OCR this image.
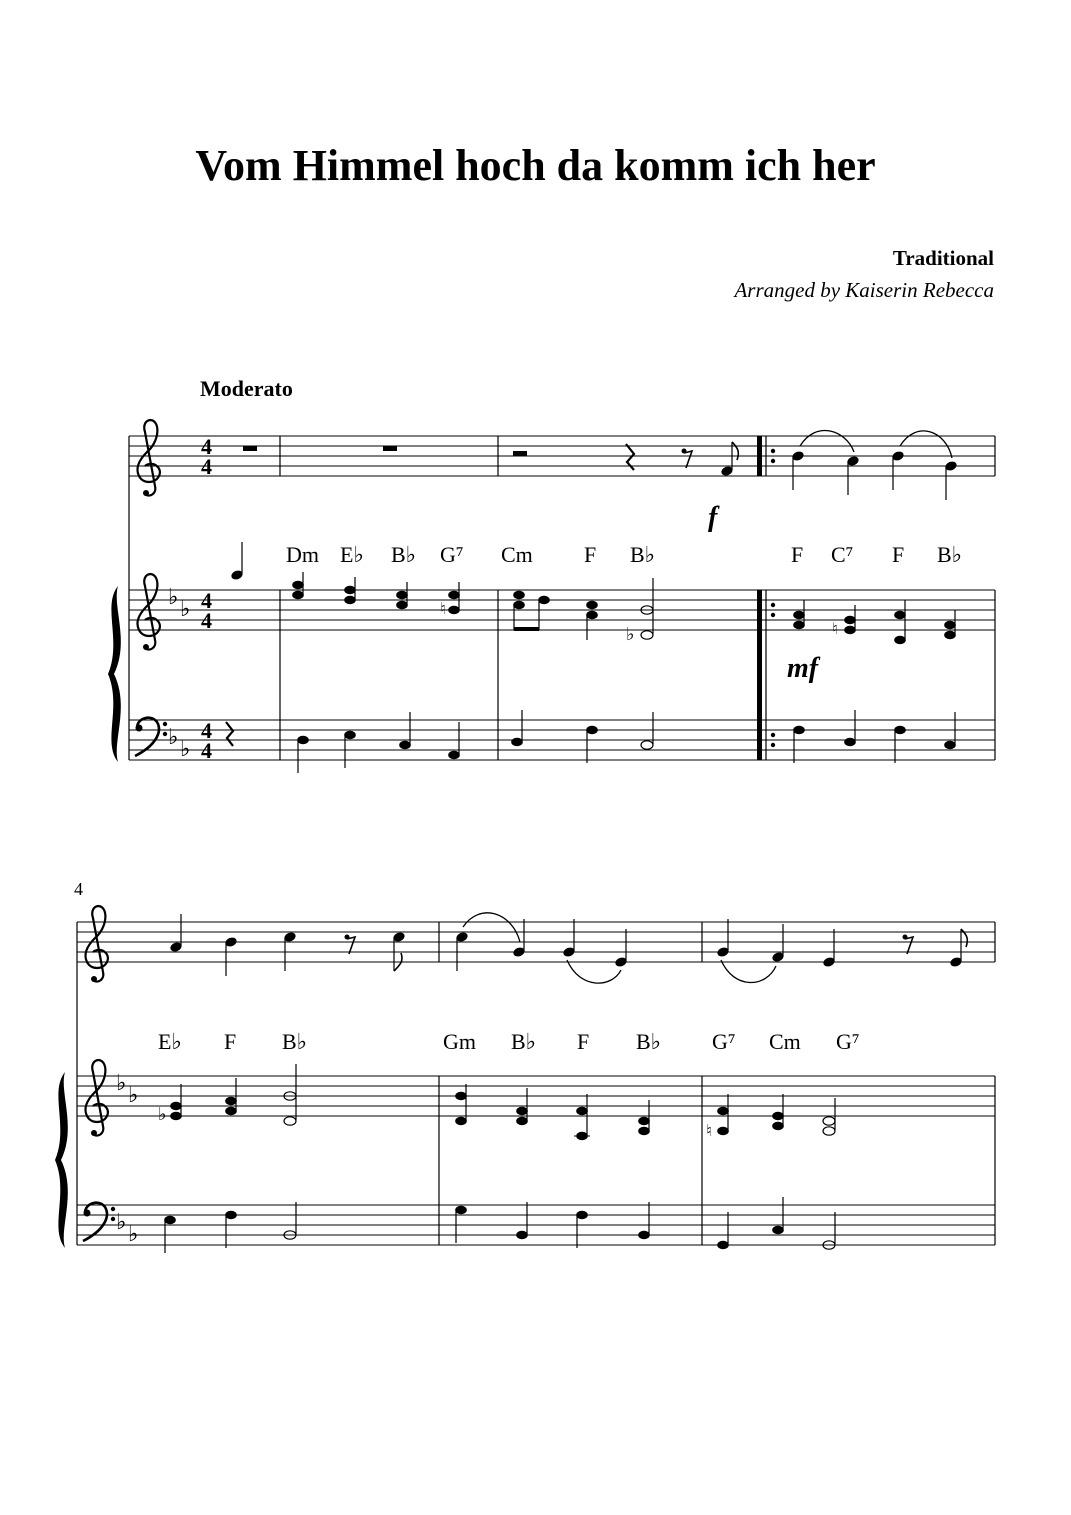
Vom Himmel hoch da komm ich her
Traditional
Arranged by Kaiserin Rebecca
Moderato
♭ ♭
♭ ♭
4
4
4
4
4
4
f
Dm E♭ B♭ G⁷ Cm F B♭	F C⁷ F B♭
♮
♭	♮
mf
4
♭ ♭
♭ ♭
E♭ F B♭	Gm B♭ F B♭ G⁷ Cm G⁷
♭
♮
